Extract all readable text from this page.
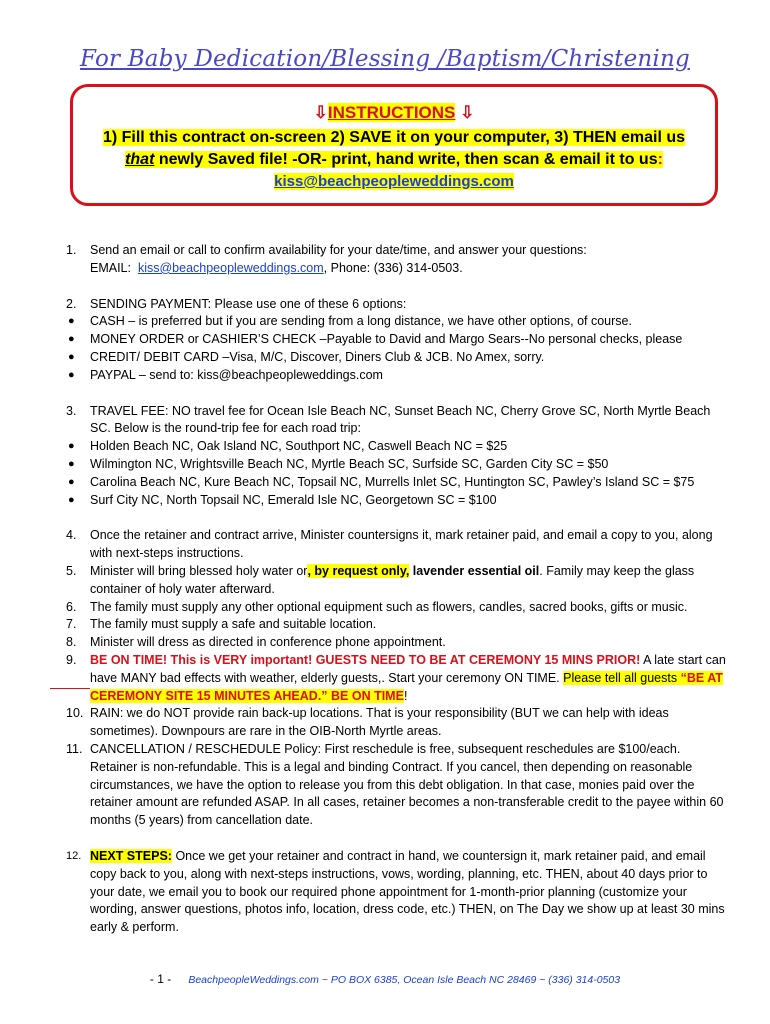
For Baby Dedication/Blessing /Baptism/Christening
⇩INSTRUCTIONS ⇩
1) Fill this contract on-screen 2) SAVE it on your computer, 3) THEN email us
that newly Saved file! -OR- print, hand write, then scan & email it to us:
kiss@beachpeopleweddings.com
1. Send an email or call to confirm availability for your date/time, and answer your questions:
EMAIL: kiss@beachpeopleweddings.com, Phone: (336) 314-0503.
2. SENDING PAYMENT: Please use one of these 6 options:
● CASH – is preferred but if you are sending from a long distance, we have other options, of course.
● MONEY ORDER or CASHIER’S CHECK –Payable to David and Margo Sears--No personal checks, please
● CREDIT/ DEBIT CARD –Visa, M/C, Discover, Diners Club & JCB. No Amex, sorry.
● PAYPAL – send to: kiss@beachpeopleweddings.com
3. TRAVEL FEE: NO travel fee for Ocean Isle Beach NC, Sunset Beach NC, Cherry Grove SC, North Myrtle Beach SC. Below is the round-trip fee for each road trip:
● Holden Beach NC, Oak Island NC, Southport NC, Caswell Beach NC = $25
● Wilmington NC, Wrightsville Beach NC, Myrtle Beach SC, Surfside SC, Garden City SC = $50
● Carolina Beach NC, Kure Beach NC, Topsail NC, Murrells Inlet SC, Huntington SC, Pawley’s Island SC = $75
● Surf City NC, North Topsail NC, Emerald Isle NC, Georgetown SC = $100
4. Once the retainer and contract arrive, Minister countersigns it, mark retainer paid, and email a copy to you, along with next-steps instructions.
5. Minister will bring blessed holy water or, by request only, lavender essential oil. Family may keep the glass container of holy water afterward.
6. The family must supply any other optional equipment such as flowers, candles, sacred books, gifts or music.
7. The family must supply a safe and suitable location.
8. Minister will dress as directed in conference phone appointment.
9. BE ON TIME! This is VERY important! GUESTS NEED TO BE AT CEREMONY 15 MINS PRIOR! A late start can have MANY bad effects with weather, elderly guests,. Start your ceremony ON TIME. Please tell all guests “BE AT CEREMONY SITE 15 MINUTES AHEAD.” BE ON TIME!
10. RAIN: we do NOT provide rain back-up locations. That is your responsibility (BUT we can help with ideas sometimes). Downpours are rare in the OIB-North Myrtle areas.
11. CANCELLATION / RESCHEDULE Policy: First reschedule is free, subsequent reschedules are $100/each. Retainer is non-refundable. This is a legal and binding Contract. If you cancel, then depending on reasonable circumstances, we have the option to release you from this debt obligation. In that case, monies paid over the retainer amount are refunded ASAP. In all cases, retainer becomes a non-transferable credit to the payee within 60 months (5 years) from cancellation date.
12. NEXT STEPS: Once we get your retainer and contract in hand, we countersign it, mark retainer paid, and email copy back to you, along with next-steps instructions, vows, wording, planning, etc. THEN, about 40 days prior to your date, we email you to book our required phone appointment for 1-month-prior planning (customize your wording, answer questions, photos info, location, dress code, etc.) THEN, on The Day we show up at least 30 mins early & perform.
- 1 - BeachpeopleWeddings.com ~ PO BOX 6385, Ocean Isle Beach NC 28469 ~ (336) 314-0503
